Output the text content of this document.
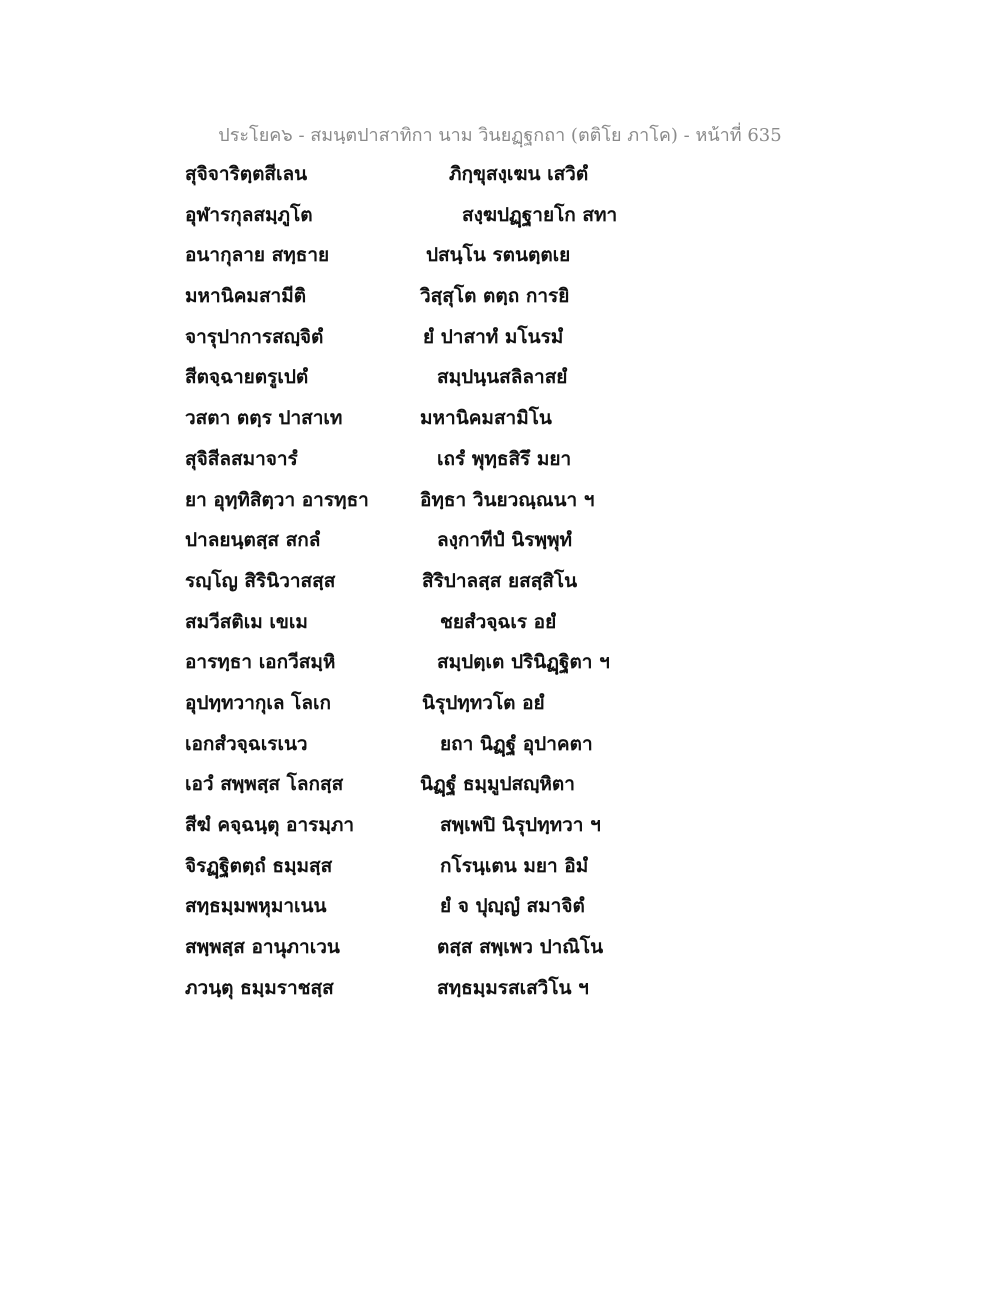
ประโยค๖ - สมนฺตปาสาทิกา นาม วินยฏฺฐกถา (ตติโย ภาโค) - หน้าที่ 635
สุจิจาริตฺตสีเลน	ภิกฺขุสงฺเฆน เสวิตํ
อุฬารกุลสมฺภูโต	สงฺฆปฏฺฐายโก สทา
อนากุลาย สทฺธาย	ปสนฺโน รตนตฺตเย
มหานิคมสามีติ	วิสฺสุโต ตตฺถ การยิ
จารุปาการสญฺจิตํ	ยํ ปาสาทํ มโนรมํ
สีตจฺฉายตรูเปตํ	สมฺปนฺนสลิลาสยํ
วสตา ตตฺร ปาสาเท	มหานิคมสามิโน
สุจิสีลสมาจารํ	เถรํ พุทฺธสิรึ มยา
ยา อุทฺทิสิตฺวา อารทฺธา	อิทฺธา วินยวณฺณนา ฯ
ปาลยนฺตสฺส สกลํ	ลงฺกาทีปํ นิรพฺพุทํ
รญฺโญ สิรินิวาสสฺส	สิริปาลสฺส ยสสฺสิโน
สมวีสติเม เขเม	ชยสํวจฺฉเร อยํ
อารทฺธา เอกวีสมฺหิ	สมฺปตฺเต ปรินิฏฺฐิตา ฯ
อุปทฺทวากุเล โลเก	นิรุปทฺทวโต อยํ
เอกสํวจฺฉเรเนว	ยถา นิฏฺฐํ อุปาคตา
เอวํ สพฺพสฺส โลกสฺส	นิฏฺฐํ ธมฺมูปสญฺหิตา
สีฆํ คจฺฉนฺตุ อารมฺภา	สพฺเพปิ นิรุปทฺทวา ฯ
จิรฏฺฐิตตฺถํ ธมฺมสฺส	กโรนฺเตน มยา อิมํ
สทฺธมฺมพหุมาเนน	ยํ จ ปุญฺญํ สมาจิตํ
สพฺพสฺส อานุภาเวน	ตสฺส สพฺเพว ปาณิโน
ภวนฺตุ ธมฺมราชสฺส	สทฺธมฺมรสเสวิโน ฯ
